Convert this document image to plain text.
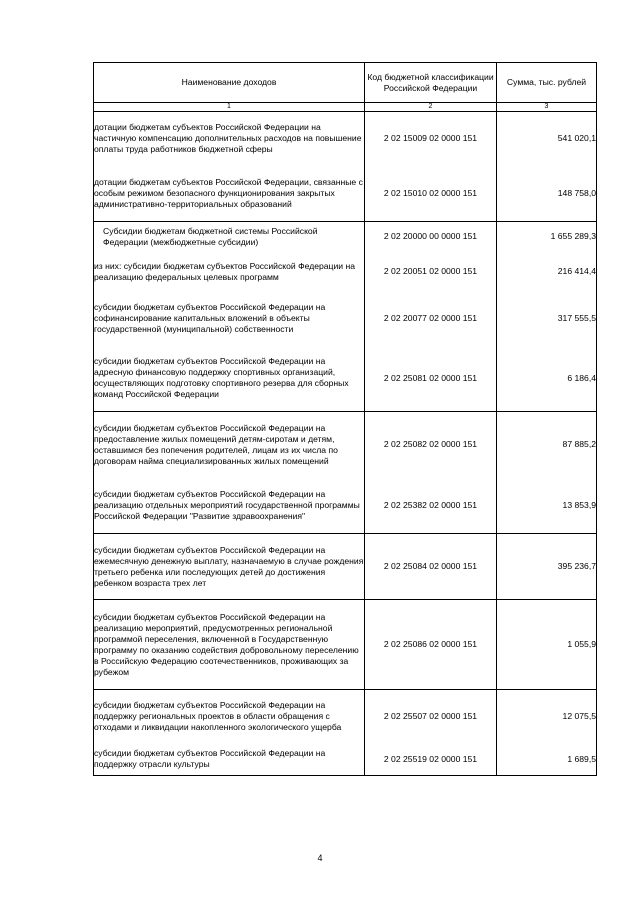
Наименование доходов	Код бюджетной классификации Российской Федерации	Сумма, тыс. рублей
1	2	3
дотации бюджетам субъектов Российской Федерации на частичную компенсацию дополнительных расходов на повышение оплаты труда работников бюджетной сферы	2 02 15009 02 0000 151	541 020,1
дотации бюджетам субъектов Российской Федерации, связанные с особым режимом безопасного функционирования закрытых административно-территориальных образований	2 02 15010 02 0000 151	148 758,0
Субсидии бюджетам бюджетной системы Российской Федерации (межбюджетные субсидии)	2 02 20000 00 0000 151	1 655 289,3
из них: субсидии бюджетам субъектов Российской Федерации на реализацию федеральных целевых программ	2 02 20051 02 0000 151	216 414,4
субсидии бюджетам субъектов Российской Федерации на софинансирование капитальных вложений в объекты государственной (муниципальной) собственности	2 02 20077 02 0000 151	317 555,5
субсидии бюджетам субъектов Российской Федерации на адресную финансовую поддержку спортивных организаций, осуществляющих подготовку спортивного резерва для сборных команд Российской Федерации	2 02 25081 02 0000 151	6 186,4
субсидии бюджетам субъектов Российской Федерации на предоставление жилых помещений детям-сиротам и детям, оставшимся без попечения родителей, лицам из их числа по договорам найма специализированных жилых помещений	2 02 25082 02 0000 151	87 885,2
субсидии бюджетам субъектов Российской Федерации на реализацию отдельных мероприятий государственной программы Российской Федерации "Развитие здравоохранения"	2 02 25382 02 0000 151	13 853,9
субсидии бюджетам субъектов Российской Федерации на ежемесячную денежную выплату, назначаемую в случае рождения третьего ребенка или последующих детей до достижения ребенком возраста трех лет	2 02 25084 02 0000 151	395 236,7
субсидии бюджетам субъектов Российской Федерации на реализацию мероприятий, предусмотренных региональной программой переселения, включенной в Государственную программу по оказанию содействия добровольному переселению в Российскую Федерацию соотечественников, проживающих за рубежом	2 02 25086 02 0000 151	1 055,9
субсидии бюджетам субъектов Российской Федерации на поддержку региональных проектов в области обращения с отходами и ликвидации накопленного экологического ущерба	2 02 25507 02 0000 151	12 075,5
субсидии бюджетам субъектов Российской Федерации на поддержку отрасли культуры	2 02 25519 02 0000 151	1 689,5
4
